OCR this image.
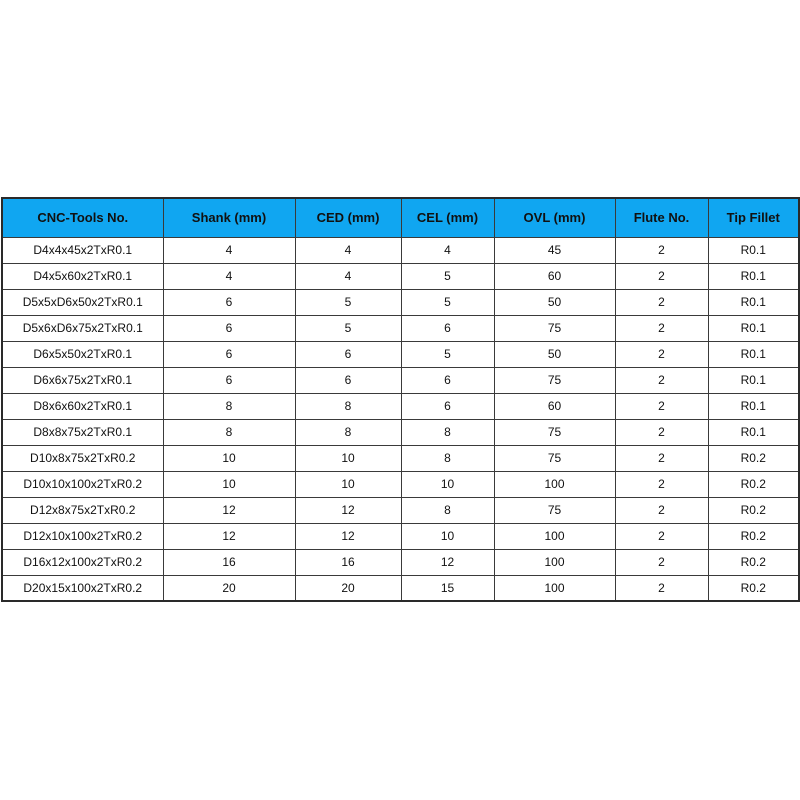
CNC-Tools No.	Shank (mm)	CED (mm)	CEL (mm)	OVL (mm)	Flute No.	Tip Fillet
D4x4x45x2TxR0.1	4	4	4	45	2	R0.1
D4x5x60x2TxR0.1	4	4	5	60	2	R0.1
D5x5xD6x50x2TxR0.1	6	5	5	50	2	R0.1
D5x6xD6x75x2TxR0.1	6	5	6	75	2	R0.1
D6x5x50x2TxR0.1	6	6	5	50	2	R0.1
D6x6x75x2TxR0.1	6	6	6	75	2	R0.1
D8x6x60x2TxR0.1	8	8	6	60	2	R0.1
D8x8x75x2TxR0.1	8	8	8	75	2	R0.1
D10x8x75x2TxR0.2	10	10	8	75	2	R0.2
D10x10x100x2TxR0.2	10	10	10	100	2	R0.2
D12x8x75x2TxR0.2	12	12	8	75	2	R0.2
D12x10x100x2TxR0.2	12	12	10	100	2	R0.2
D16x12x100x2TxR0.2	16	16	12	100	2	R0.2
D20x15x100x2TxR0.2	20	20	15	100	2	R0.2
